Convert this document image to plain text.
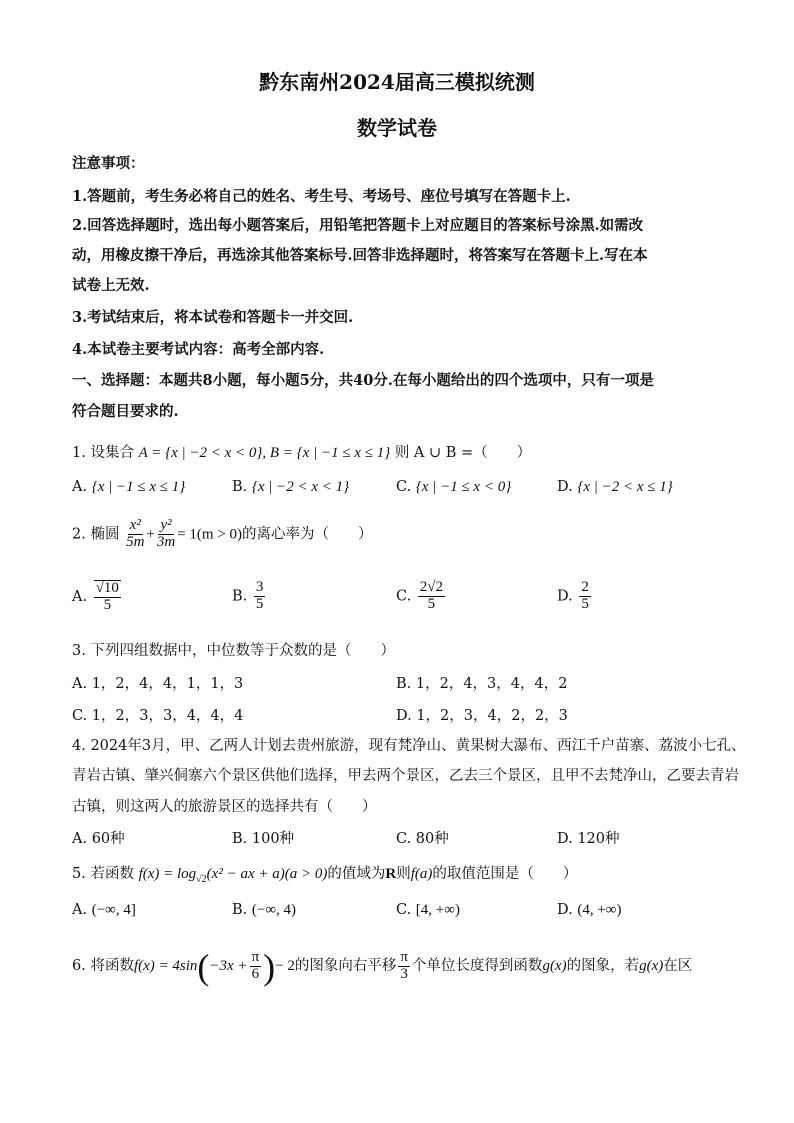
黔东南州2024届高三模拟统测
数学试卷
注意事项：
1.答题前，考生务必将自己的姓名、考生号、考场号、座位号填写在答题卡上.
2.回答选择题时，选出每小题答案后，用铅笔把答题卡上对应题目的答案标号涂黑.如需改
动，用橡皮擦干净后，再选涂其他答案标号.回答非选择题时，将答案写在答题卡上.写在本
试卷上无效.
3.考试结束后，将本试卷和答题卡一并交回.
4.本试卷主要考试内容：高考全部内容.
一、选择题：本题共8小题，每小题5分，共40分.在每小题给出的四个选项中，只有一项是
符合题目要求的.
1. 设集合 A = {x | −2 < x < 0}, B = {x | −1 ≤ x ≤ 1} 则 A ∪ B =（　　）
A. {x | −1 ≤ x ≤ 1}	B. {x | −2 < x < 1}	C. {x | −1 ≤ x < 0}	D. {x | −2 < x ≤ 1}
2. 椭圆 $\frac{\text{x²}}{5m} + \frac{\text{y²}}{3m} = 1(m > 0)$的离心率为（　　）
A. $\frac{√10}{5}$	B. $\frac{3}{5}$	C. $\frac{2√2}{5}$	D. $\frac{2}{5}$
3. 下列四组数据中，中位数等于众数的是（　　）
A. 1，2，4，4，1，1，3	B. 1，2，4，3，4，4，2
C. 1，2，3，3，4，4，4	D. 1，2，3，4，2，2，3
4. 2024年3月，甲、乙两人计划去贵州旅游，现有梵净山、黄果树大瀑布、西江千户苗寨、荔波小七孔、
青岩古镇、肇兴侗寨六个景区供他们选择，甲去两个景区，乙去三个景区，且甲不去梵净山，乙要去青岩
古镇，则这两人的旅游景区的选择共有（　　）
A. 60种	B. 100种	C. 80种	D. 120种
5. 若函数 $f(x) = \log_{√2}(x^2$ − ax + a)(a > 0)的值域为R则f(a)的取值范围是（　　）
A. (−∞, 4]	B. (−∞, 4)	C. [4, +∞)	D. (4, +∞)
6. 将函数$f(x) = 4\sin(-3x + \frac{\pi}{6}$ )− 2的图象向右平移 $\frac{\pi}{3}$ 个单位长度得到函数g(x)的图象，若g(x)在区
